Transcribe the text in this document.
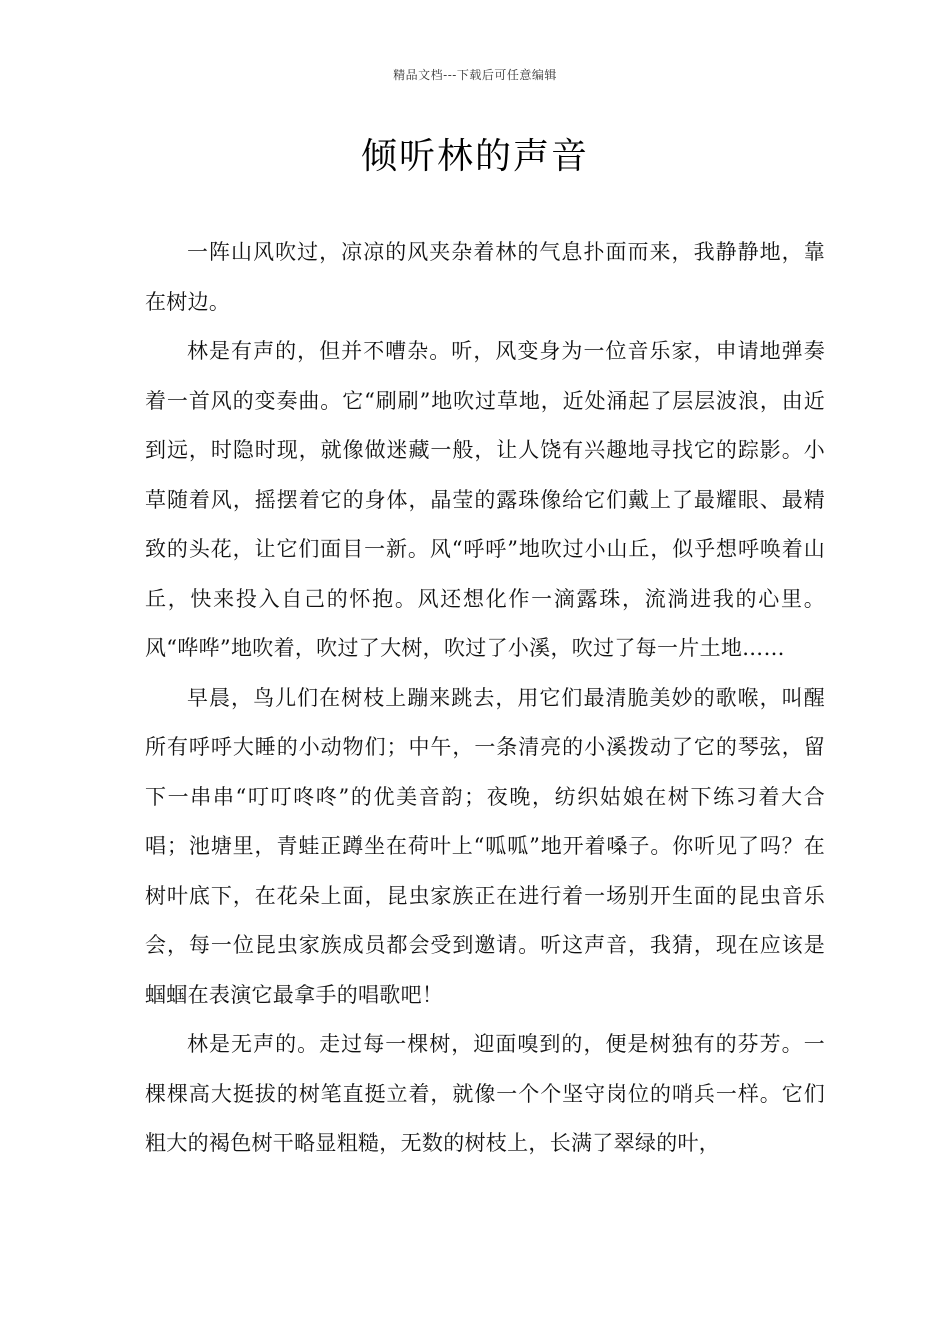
精品文档---下载后可任意编辑
倾听林的声音

一阵山风吹过，凉凉的风夹杂着林的气息扑面而来，我静静地，靠在树边。

林是有声的，但并不嘈杂。听，风变身为一位音乐家，申请地弹奏着一首风的变奏曲。它“刷刷”地吹过草地，近处涌起了层层波浪，由近到远，时隐时现，就像做迷藏一般，让人饶有兴趣地寻找它的踪影。小草随着风，摇摆着它的身体，晶莹的露珠像给它们戴上了最耀眼、最精致的头花，让它们面目一新。风“呼呼”地吹过小山丘，似乎想呼唤着山丘，快来投入自己的怀抱。风还想化作一滴露珠，流淌进我的心里。风“哗哗”地吹着，吹过了大树，吹过了小溪，吹过了每一片土地……

早晨，鸟儿们在树枝上蹦来跳去，用它们最清脆美妙的歌喉，叫醒所有呼呼大睡的小动物们；中午，一条清亮的小溪拨动了它的琴弦，留下一串串“叮叮咚咚”的优美音韵；夜晚，纺织姑娘在树下练习着大合唱；池塘里，青蛙正蹲坐在荷叶上“呱呱”地开着嗓子。你听见了吗？在树叶底下，在花朵上面，昆虫家族正在进行着一场别开生面的昆虫音乐会，每一位昆虫家族成员都会受到邀请。听这声音，我猜，现在应该是蝈蝈在表演它最拿手的唱歌吧！

林是无声的。走过每一棵树，迎面嗅到的，便是树独有的芬芳。一棵棵高大挺拔的树笔直挺立着，就像一个个坚守岗位的哨兵一样。它们粗大的褐色树干略显粗糙，无数的树枝上，长满了翠绿的叶，
